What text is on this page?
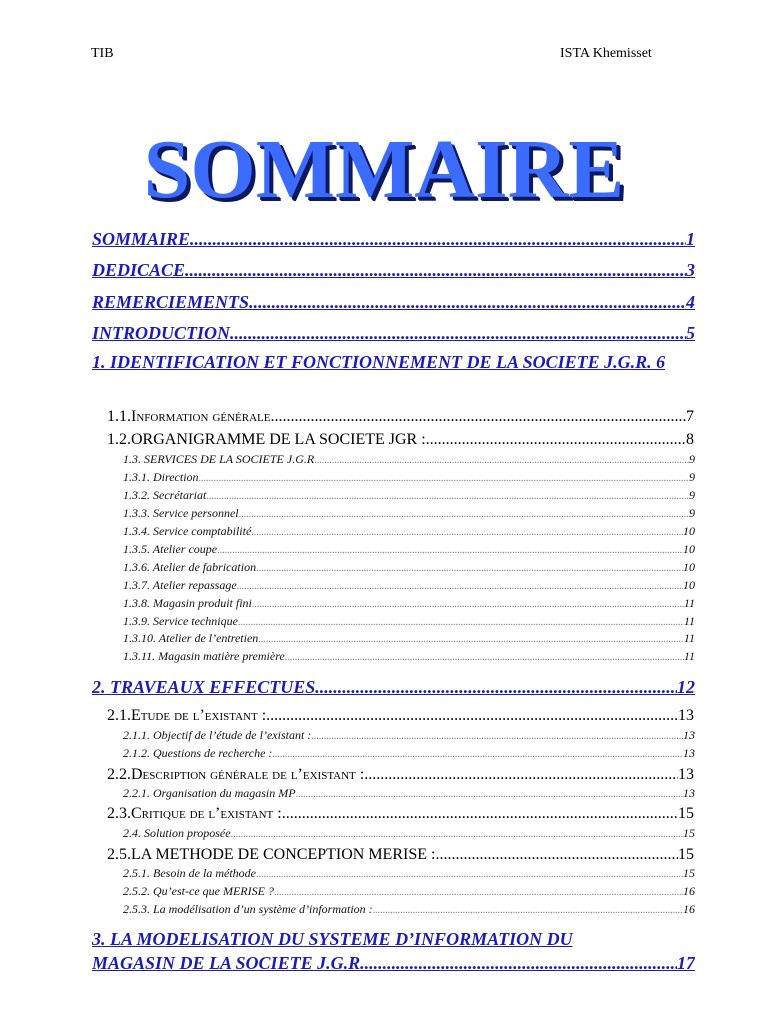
TIB	ISTA Khemisset
SOMMAIRE
SOMMAIRE .....	1
DEDICACE .....	3
REMERCIEMENTS .....	4
INTRODUCTION .....	5
1. IDENTIFICATION ET FONCTIONNEMENT DE LA SOCIETE J.G.R. 6
1.1.Information générale .....	7
1.2.ORGANIGRAMME DE LA SOCIETE JGR : .....	8
1.3. SERVICES DE LA SOCIETE J.G.R .....	9
1.3.1. Direction .....	9
1.3.2. Secrétariat .....	9
1.3.3. Service personnel .....	9
1.3.4. Service comptabilité .....	10
1.3.5. Atelier coupe .....	10
1.3.6. Atelier de fabrication .....	10
1.3.7. Atelier repassage .....	10
1.3.8. Magasin produit fini .....	11
1.3.9. Service technique .....	11
1.3.10. Atelier de l’entretien .....	11
1.3.11. Magasin matière première .....	11
2. TRAVEAUX EFFECTUES .....	12
2.1.Etude de l’existant : .....	13
2.1.1. Objectif de l’étude de l’existant : .....	13
2.1.2. Questions de recherche : .....	13
2.2.Description générale de l’existant : .....	13
2.2.1. Organisation du magasin MP .....	13
2.3.Critique de l’existant : .....	15
2.4. Solution proposée .....	15
2.5.LA METHODE DE CONCEPTION MERISE : .....	15
2.5.1. Besoin de la méthode .....	15
2.5.2. Qu’est-ce que MERISE ? .....	16
2.5.3. La modélisation d’un système d’information : .....	16
3. LA MODELISATION DU SYSTEME D’INFORMATION DU
MAGASIN DE LA SOCIETE J.G.R .....	17
